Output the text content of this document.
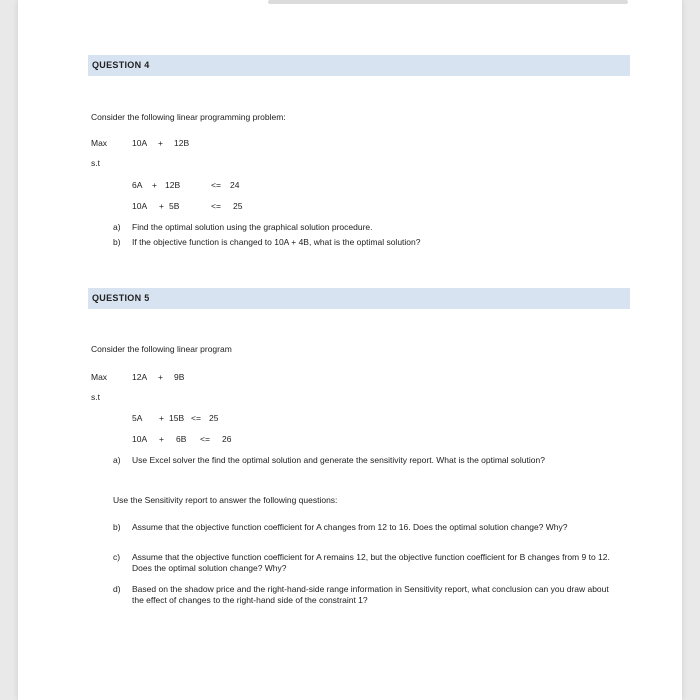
QUESTION 4
Consider the following linear programming problem:
Max	10A + 12B
s.t
6A + 12B	<= 24
10A + 5B	<= 25
a) Find the optimal solution using the graphical solution procedure.
b) If the objective function is changed to 10A + 4B, what is the optimal solution?
QUESTION 5
Consider the following linear program
Max	12A + 9B
s.t
5A + 15B <= 25
10A + 6B <= 26
a) Use Excel solver the find the optimal solution and generate the sensitivity report. What is the optimal solution?
Use the Sensitivity report to answer the following questions:
b) Assume that the objective function coefficient for A changes from 12 to 16. Does the optimal solution change? Why?
c) Assume that the objective function coefficient for A remains 12, but the objective function coefficient for B changes from 9 to 12. Does the optimal solution change? Why?
d) Based on the shadow price and the right-hand-side range information in Sensitivity report, what conclusion can you draw about the effect of changes to the right-hand side of the constraint 1?
